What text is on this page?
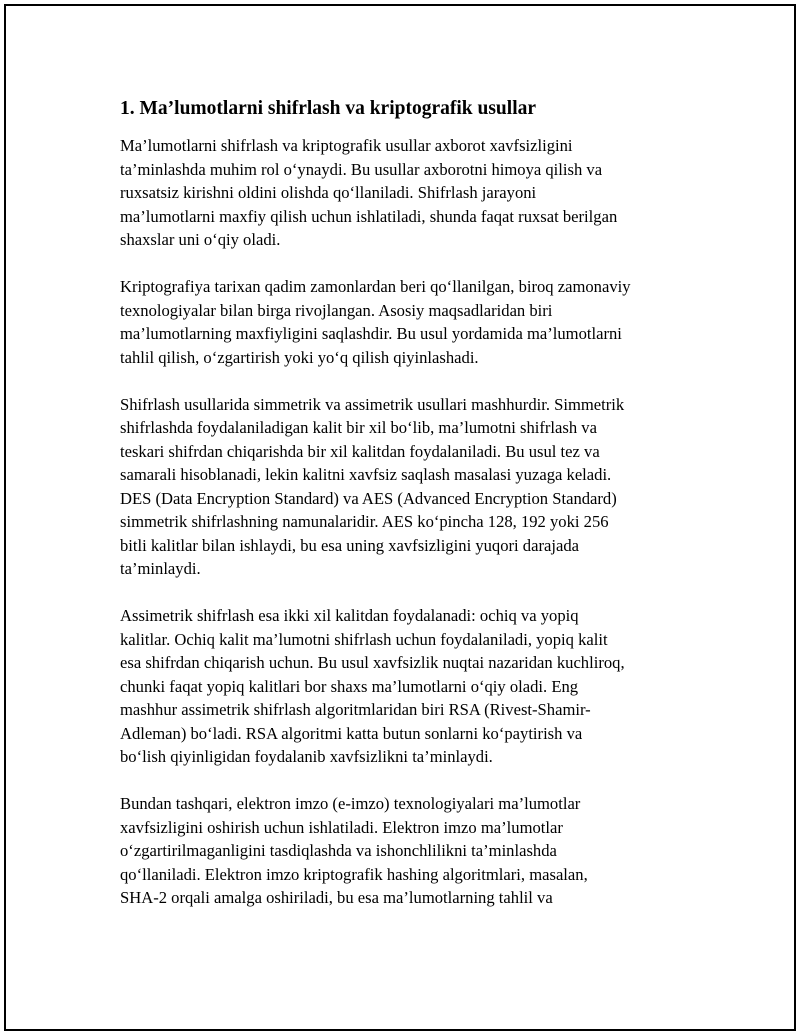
1. Ma’lumotlarni shifrlash va kriptografik usullar

Ma’lumotlarni shifrlash va kriptografik usullar axborot xavfsizligini
ta’minlashda muhim rol o‘ynaydi. Bu usullar axborotni himoya qilish va
ruxsatsiz kirishni oldini olishda qo‘llaniladi. Shifrlash jarayoni
ma’lumotlarni maxfiy qilish uchun ishlatiladi, shunda faqat ruxsat berilgan
shaxslar uni o‘qiy oladi.

Kriptografiya tarixan qadim zamonlardan beri qo‘llanilgan, biroq zamonaviy
texnologiyalar bilan birga rivojlangan. Asosiy maqsadlaridan biri
ma’lumotlarning maxfiyligini saqlashdir. Bu usul yordamida ma’lumotlarni
tahlil qilish, o‘zgartirish yoki yo‘q qilish qiyinlashadi.

Shifrlash usullarida simmetrik va assimetrik usullari mashhurdir. Simmetrik
shifrlashda foydalaniladigan kalit bir xil bo‘lib, ma’lumotni shifrlash va
teskari shifrdan chiqarishda bir xil kalitdan foydalaniladi. Bu usul tez va
samarali hisoblanadi, lekin kalitni xavfsiz saqlash masalasi yuzaga keladi.
DES (Data Encryption Standard) va AES (Advanced Encryption Standard)
simmetrik shifrlashning namunalaridir. AES ko‘pincha 128, 192 yoki 256
bitli kalitlar bilan ishlaydi, bu esa uning xavfsizligini yuqori darajada
ta’minlaydi.

Assimetrik shifrlash esa ikki xil kalitdan foydalanadi: ochiq va yopiq
kalitlar. Ochiq kalit ma’lumotni shifrlash uchun foydalaniladi, yopiq kalit
esa shifrdan chiqarish uchun. Bu usul xavfsizlik nuqtai nazaridan kuchliroq,
chunki faqat yopiq kalitlari bor shaxs ma’lumotlarni o‘qiy oladi. Eng
mashhur assimetrik shifrlash algoritmlaridan biri RSA (Rivest-Shamir-
Adleman) bo‘ladi. RSA algoritmi katta butun sonlarni ko‘paytirish va
bo‘lish qiyinligidan foydalanib xavfsizlikni ta’minlaydi.

Bundan tashqari, elektron imzo (e-imzo) texnologiyalari ma’lumotlar
xavfsizligini oshirish uchun ishlatiladi. Elektron imzo ma’lumotlar
o‘zgartirilmaganligini tasdiqlashda va ishonchlilikni ta’minlashda
qo‘llaniladi. Elektron imzo kriptografik hashing algoritmlari, masalan,
SHA-2 orqali amalga oshiriladi, bu esa ma’lumotlarning tahlil va
